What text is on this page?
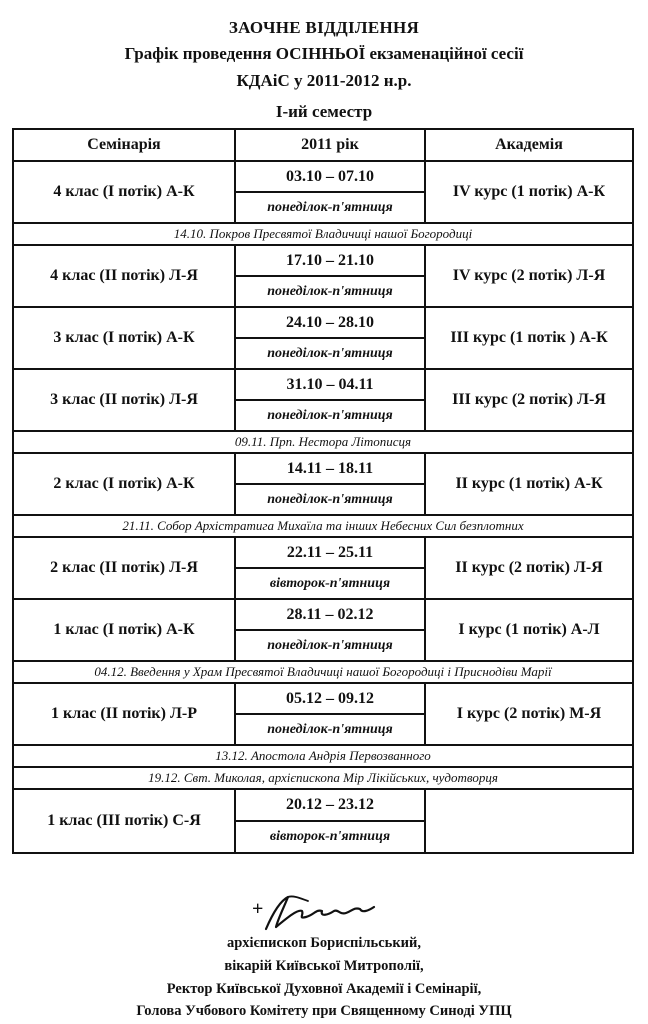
ЗАОЧНЕ ВІДДІЛЕННЯ
Графік проведення ОСІННЬОЇ екзаменаційної сесії
КДАіС у 2011-2012 н.р.
І-ий семестр
Семінарія	2011 рік	Академія
4 клас (І потік) А-К
03.10 – 07.10
понеділок-п'ятниця
IV курс (1 потік) А-К
14.10. Покров Пресвятої Владичиці нашої Богородиці
4 клас (ІІ потік) Л-Я
17.10 – 21.10
понеділок-п'ятниця
IV курс (2 потік) Л-Я
3 клас (І потік) А-К
24.10 – 28.10
понеділок-п'ятниця
ІІІ курс (1 потік ) А-К
3 клас (ІІ потік) Л-Я
31.10 – 04.11
понеділок-п'ятниця
ІІІ курс (2 потік) Л-Я
09.11. Прп. Нестора Літописця
2 клас (І потік) А-К
14.11 – 18.11
понеділок-п'ятниця
ІІ курс (1 потік) А-К
21.11. Собор Архістратига Михаїла та інших Небесних Сил безплотних
2 клас (ІІ потік) Л-Я
22.11 – 25.11
вівторок-п'ятниця
ІІ курс (2 потік) Л-Я
1 клас (І потік) А-К
28.11 – 02.12
понеділок-п'ятниця
І курс (1 потік) А-Л
04.12. Введення у Храм Пресвятої Владичиці нашої Богородиці і Приснодіви Марії
1 клас (ІІ потік) Л-Р
05.12 – 09.12
понеділок-п'ятниця
І курс (2 потік) М-Я
13.12. Апостола Андрія Первозванного
19.12. Свт. Миколая, архієпископа Мір Лікійських, чудотворця
1 клас (ІІІ потік) С-Я
20.12 – 23.12
вівторок-п'ятниця
+
архієпископ Бориспільський,
вікарій Київської Митрополії,
Ректор Київської Духовної Академії і Семінарії,
Голова Учбового Комітету при Священному Синоді УПЦ
